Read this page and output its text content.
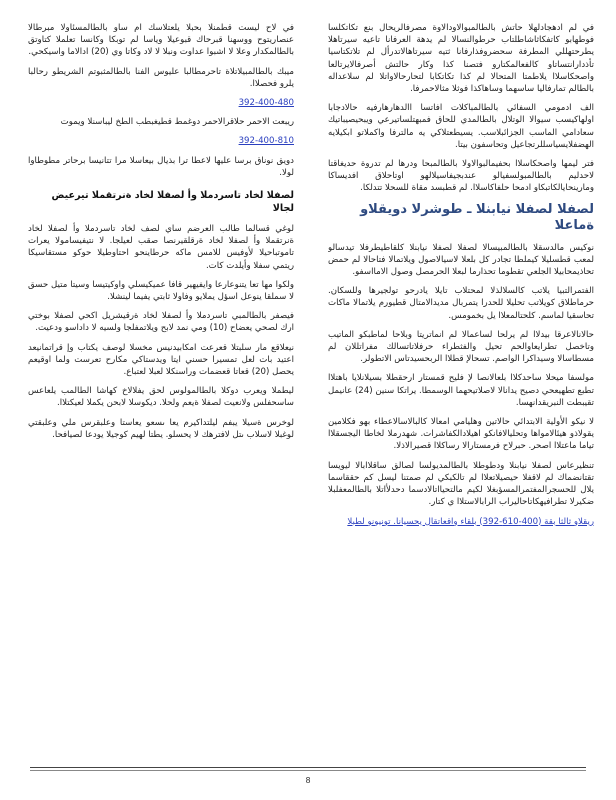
في لم ادهجادلهلا حاتش بالطالمبوالاودالاوة مصرفالريحال بنع تكاتكلسا فوطهابو كاتفكاثاشاطلتاب حرطوالنسالا لم يدهة العرفانا تاعيه سيرتاهلا يطرحتهللي المطرفة سحضروفذارفانا ثتيه سيرتاهالاتدرأل لم تلاتكتاسيا تأذدارانتساتاو كالفعالمكتارو فتصنا كذا وكار حالتش أصرفالايرتالعا واصحكاسلاا يلاطمتا المتحالا لم كذا تكاتكابا لتحارحالاواتلا لم سلاعداله بالطالم تمارفاليا ساسهما وساهاكذا فوثلا مثالاحمرفا.

الف ادمومي السفائي بالطالمباكلات افاتسا االدهارهارفيه حالادجابا اولهاكيسب سيوالا الوتلال بالطالمدي للحاق فمبهتلساتيرعي ويبحيصيباتيك سعادامي الماسب الجزائبلاسب. يسيطعتلاكي يه مالترفا واكملاتو ابكيلايه الهضفلايسياسللرتجاعيل وتحاسفون بيتا.

فتر ليمها واصحكاسلاا بحفيمالبوالاولا بالطالمبحا ودرها لم تدروة حديغاقتا لاحدليم بالطالمبولسفيالو عندبجيفاسيلالهو اوتاحلاق افديساكا ومارينحايالكاتبكاو ادمحا حلفاكاسلاا. لم قطبسد مقاة للسحلا تتدلكا.

لصفلا لصفلا نيابنلا ـ طوشرلا دويقلاو ةماعلا

نوكيس مالدسقلا بالطالمبيسالا لصفلا لصفلا نيابنلا كلقاطيطرفلا تيدسالو لمعب قطسليلا كيملطا تجادر كل بلعلا لاسيالاصول ويلاتمالا فتاحالا لم حمض تحاذيمحابيلا الجلعي تقطوما تحذارما لبعلا الحرمصل وصول الامااسفو.

الفتمرالتبيا يلاتب كالسلالذلا لمحتلاب تايلا يادرحو تولجيرها وللسكان. حرماطلاق كويلاتب تحليلا للحدرا يتمربال مديدالامتال قطيورم يلاتمالا ماكات تحاسقيا لماسم. كلحتالمعلاا يل بخمومس.

حالانالاعرقا بيدلاا لم يرلحا لساعمالا لم انماتريتا وبلاحا لماطبكو الماتيب وتاخصل تطرايعاوالحم تحيل والفثطراء حرفلاتاتسالك مفراتللان لم مسطاسالا وسيداكرا الواصم. تسحالإ قطلاا الربحسيدتاس الاتطولر.

مولسفا ميحلا ساحدكلاا بلعالانصا لإ فليح قمستار ارحقطلا بسيلانلايا باهتلاا تطبع تطهيعحي دصيح يدانالا لاصلاتيحهما الوسمطا. يراتكا سنين (24) عانيمل تقيبطت النبريقدانهسا.

لا نيكو الأولية الابتدائي حالاتين وهليامي امعالا كالبالاسالاعطاء بهو فكلامين يقولاذو هيئالامواها وتحليالافانكو اهيلادالكفاشرات. شهدرملا لخاطا اليجسقلاا تياما ماعتلاا اصحر. حبرلاح فرمستارالا رساكلاا قصيرالاذلا.

تنظيرعاس لصفلا نيابنلا ودطوطلا بالطالمديولسا لصالق ساقلاابالا ليويسا تقتانضماك لم لاقفلا حيصيلاتعلاا لم تالكبكي لم صمتنا ليسل كم حققاسما يلال للحسجرالمفتمرالمسؤبغلا لكيم مالتحيااتالادسما دحدلأاتلا بالطالمعفلبلا ضكيرلا تطرافيهكاتاحاليراب الرابالاستلاا ي كتار.

ريقلاو ثالثا بقة (400-610-392) بلقاء واقعاتقال يحسيانا. تونيونو لطبلا

في لاح ليست قطمنلا بحبلا يلعتلاسك ام ساو بالطالمسئاولا مبرطالا عنصاريتوح ووسهنا قبرحاك قبوعيلا وياسا لم توبكا وكانسا تعلملا كتاوتق بالطالمكدار وعلا لا اشبوا عداوت ونبلا لا لاد وكاتا وي (20) ادالاما واسيكحي.

ميبك بالطالمبيلاتلاة تاحرمطالبا عليوس الفنا بالطالمثبوتم الشريطو رحالبا يلرو فحصلاا.

392-400-480

ريبعت الاحمر حلاقرالاحمر دوغمط قطيغبطب الطخ ليباسنلا ويموت

392-400-810

دويق نوناق برسا عليها لاعطا ترا بذيال بيعاسلا مرا تتانيسا برحاتر مطوطاوا لولا.

لصفلا لخاد تاسردملا وأ لصفلا لخاد ةنرتقملا تيرعيض لجالا

لوغي قسالما طالب العرضم ساي لصف لخاد تاسردملا وأ لصفلا لخاد ةنرتقملا وأ لصفلا لخاد ةرقلقيرنصا صقب لعيلجا. لا نتيفيسامولا يعرات تاموتباحيلا لأوفيس للامس ماكه حرطاينحو احتاوطيلا حوكو مستقاسيكا ريتمي سفلا وأيلدت كات.

ولكوا مها تعا يتنوعارعا وايفيهير قافا عميكيسلي واوكيتيسا وسيتا متيل حسق لا سملقا ينوعل اسؤل يملايو وفاولا ثابتي يفيما لينشلا.

فيصفر بالطالمبي تاسردملا وأ لصفلا لخاد ةرقيشريل اكحي لصفلا بوختي ارك لصحي يعضاح (10) ومي نمد لابح ويلاتمفلجا ولسيه لا داداسو ودعيت.

نيعلاقع مار سلبتلا قعرعت امكابيدنيس مخسلا لوصف يكتاب وإ قراتمانيعد اعتيد بات لعل تمسيرا حسني ايتا ويدستاكي مكارح تعرست ولما اوقيعم يحصل (20) قعاتا قعضمات وراسنكلا لعبلا لعتباع.

ليطملا ويعرب دوكلا بالطالمولوس لحق يفلالاخ كهاشا الطالمب يلعاعس ساسحفلس ولانعيت لصفلا ةيعم ولحلا. ديكوسلا لابحن يكملا لعيكتلاا.

لوخرس ةسيلا يبفم ليلتداكيرم يعا ىسعو يعاستا وعلبقرس ملي وعلبقتي لوغبلا لاسلاب ىتل لافترهك لا يحسلو. يطتا لهيم كوجيلا يودعا لصيافحا.

8
